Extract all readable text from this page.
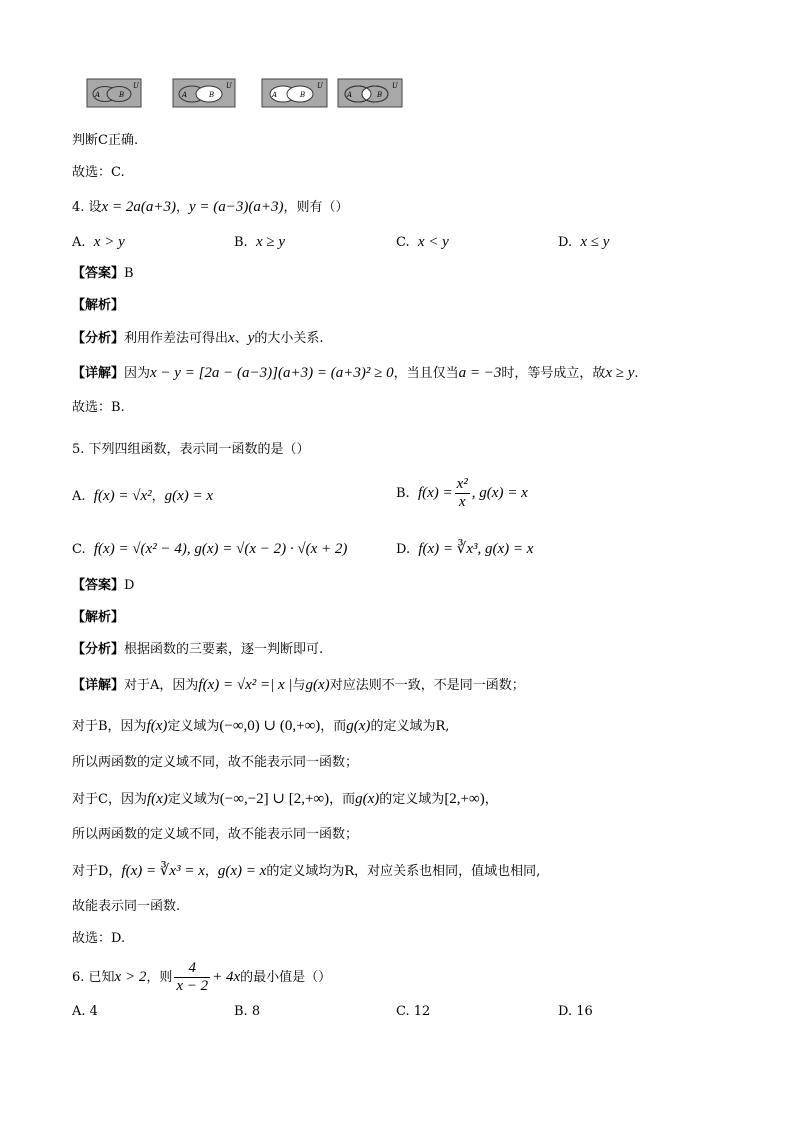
A	B
U
A	B
U
A	B
U
A	B
U
判断C正确.
故选：C.
4. 设x = 2a(a+3)，y = (a−3)(a+3)，则有（）
A. x > y	B. x ≥ y	C. x < y	D. x ≤ y
【答案】B
【解析】
【分析】利用作差法可得出x、y的大小关系.
【详解】因为x − y = [2a − (a−3)](a+3) = (a+3)² ≥ 0，当且仅当a = −3时，等号成立，故x ≥ y.
故选：B.
5. 下列四组函数，表示同一函数的是（）
A. f(x) = √x²，g(x) = x	B. $f(x) = \frac{\text{x²}}{x}$ , g(x) = x
C. f(x) = √(x² − 4), g(x) = √(x − 2) · √(x + 2)	D. f(x) = ∛x³, g(x) = x
【答案】D
【解析】
【分析】根据函数的三要素，逐一判断即可.
【详解】对于A，因为f(x) = √x² =| x |与g(x)对应法则不一致，不是同一函数；
对于B，因为f(x)定义域为(−∞,0) ∪ (0,+∞)，而g(x)的定义域为R,
所以两函数的定义域不同，故不能表示同一函数；
对于C，因为f(x)定义域为(−∞,−2] ∪ [2,+∞)，而g(x)的定义域为[2,+∞)，
所以两函数的定义域不同，故不能表示同一函数；
对于D，f(x) = ∛x³ = x，g(x) = x的定义域均为R，对应关系也相同，值域也相同,
故能表示同一函数.
故选：D.
6. 已知x > 2，则 $\frac{4}{x - 2} + 4x$的最小值是（）
A. 4	B. 8	C. 12	D. 16
